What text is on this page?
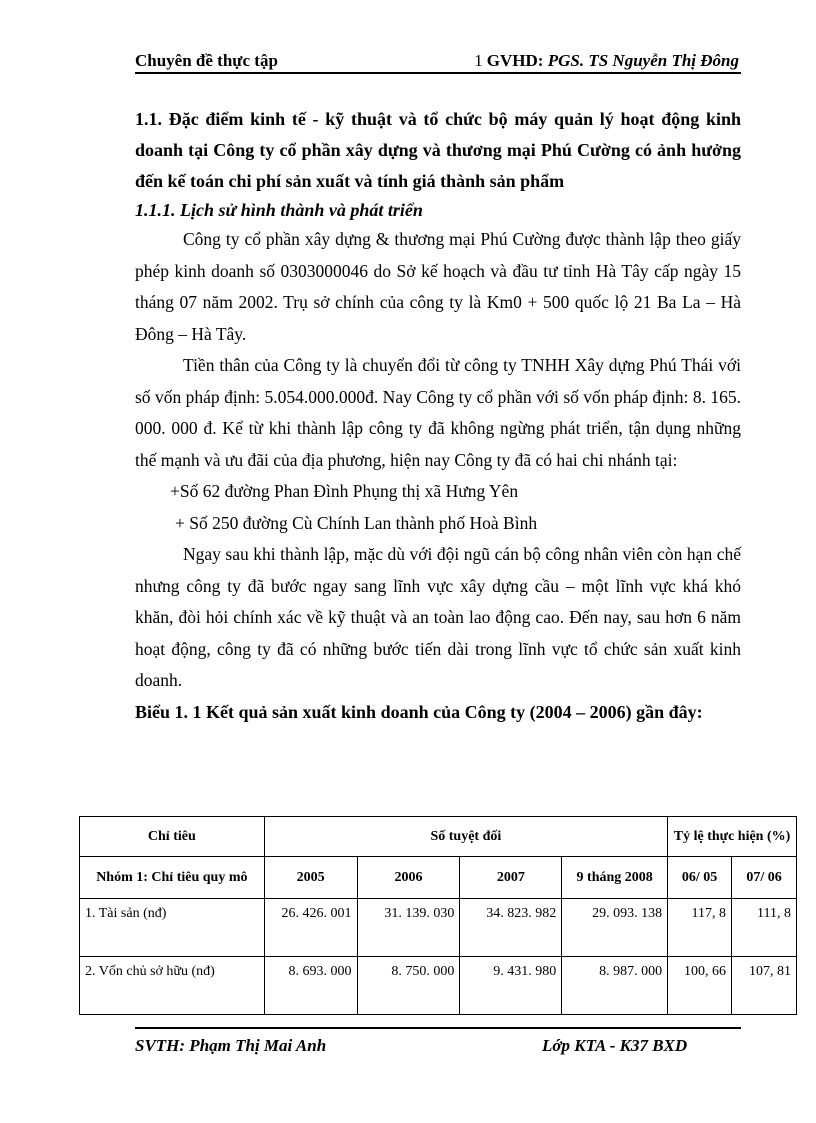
Chuyên đề thực tập	1 GVHD: PGS. TS Nguyễn Thị Đông

1.1. Đặc điểm kinh tế - kỹ thuật và tổ chức bộ máy quản lý hoạt động kinh doanh tại Công ty cổ phần xây dựng và thương mại Phú Cường có ảnh hưởng đến kế toán chi phí sản xuất và tính giá thành sản phẩm

1.1.1. Lịch sử hình thành và phát triển

Công ty cổ phần xây dựng & thương mại Phú Cường được thành lập theo giấy phép kinh doanh số 0303000046 do Sở kế hoạch và đầu tư tỉnh Hà Tây cấp ngày 15 tháng 07 năm 2002. Trụ sở chính của công ty là Km0 + 500 quốc lộ 21 Ba La – Hà Đông – Hà Tây.

Tiền thân của Công ty là chuyển đổi từ công ty TNHH Xây dựng Phú Thái với số vốn pháp định: 5.054.000.000đ. Nay Công ty cổ phần với số vốn pháp định: 8. 165. 000. 000 đ. Kể từ khi thành lập công ty đã không ngừng phát triển, tận dụng những thế mạnh và ưu đãi của địa phương, hiện nay Công ty đã có hai chi nhánh tại:

+Số 62 đường Phan Đình Phụng thị xã Hưng Yên

+ Số 250 đường Cù Chính Lan thành phố Hoà Bình

Ngay sau khi thành lập, mặc dù với đội ngũ cán bộ công nhân viên còn hạn chế nhưng công ty đã bước ngay sang lĩnh vực xây dựng cầu – một lĩnh vực khá khó khăn, đòi hỏi chính xác về kỹ thuật và an toàn lao động cao. Đến nay, sau hơn 6 năm hoạt động, công ty đã có những bước tiến dài trong lĩnh vực tổ chức sản xuất kinh doanh.

Biểu 1. 1 Kết quả sản xuất kinh doanh của Công ty (2004 – 2006) gần đây:

Chỉ tiêu	Số tuyệt đối				Tỷ lệ thực hiện (%)	
Nhóm 1: Chỉ tiêu quy mô	2005	2006	2007	9 tháng 2008	06/ 05	07/ 06
1. Tài sản (nđ)	26. 426. 001	31. 139. 030	34. 823. 982	29. 093. 138	117, 8	111, 8
2. Vốn chủ sở hữu (nđ)	8. 693. 000	8. 750. 000	9. 431. 980	8. 987. 000	100, 66	107, 81
SVTH: Phạm Thị Mai Anh	Lớp KTA - K37 BXD
